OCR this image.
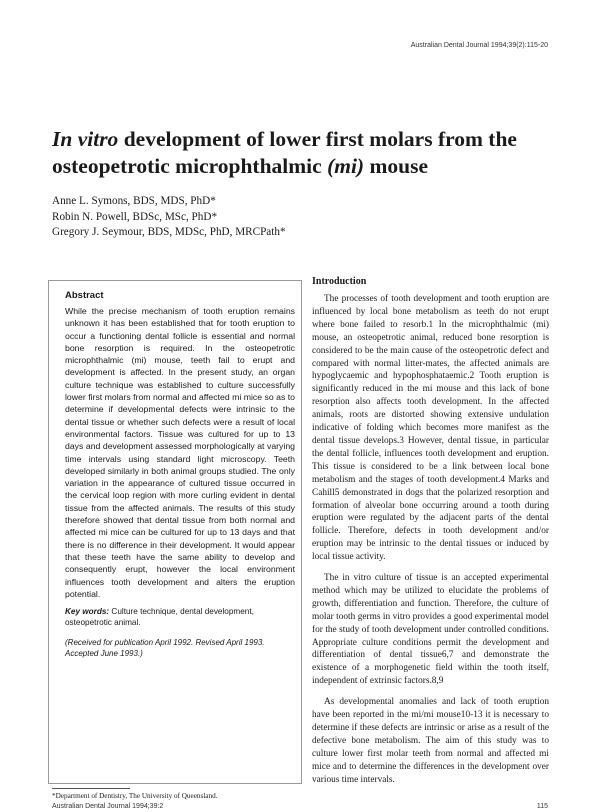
Australian Dental Journal 1994;39(2):115-20
In vitro development of lower first molars from the osteopetrotic microphthalmic (mi) mouse
Anne L. Symons, BDS, MDS, PhD*
Robin N. Powell, BDSc, MSc, PhD*
Gregory J. Seymour, BDS, MDSc, PhD, MRCPath*
Abstract

While the precise mechanism of tooth eruption remains unknown it has been established that for tooth eruption to occur a functioning dental follicle is essential and normal bone resorption is required. In the osteopetrotic microphthalmic (mi) mouse, teeth fail to erupt and development is affected. In the present study, an organ culture technique was established to culture successfully lower first molars from normal and affected mi mice so as to determine if developmental defects were intrinsic to the dental tissue or whether such defects were a result of local environmental factors. Tissue was cultured for up to 13 days and development assessed morphologically at varying time intervals using standard light microscopy. Teeth developed similarly in both animal groups studied. The only variation in the appearance of cultured tissue occurred in the cervical loop region with more curling evident in dental tissue from the affected animals. The results of this study therefore showed that dental tissue from both normal and affected mi mice can be cultured for up to 13 days and that there is no difference in their development. It would appear that these teeth have the same ability to develop and consequently erupt, however the local environment influences tooth development and alters the eruption potential.

Key words: Culture technique, dental development, osteopetrotic animal.
(Received for publication April 1992. Revised April 1993. Accepted June 1993.)
*Department of Dentistry, The University of Queensland.
Introduction

The processes of tooth development and tooth eruption are influenced by local bone metabolism as teeth do not erupt where bone failed to resorb.1 In the microphthalmic (mi) mouse, an osteopetrotic animal, reduced bone resorption is considered to be the main cause of the osteopetrotic defect and compared with normal litter-mates, the affected animals are hypoglycaemic and hypophosphataemic.2 Tooth eruption is significantly reduced in the mi mouse and this lack of bone resorption also affects tooth development. In the affected animals, roots are distorted showing extensive undulation indicative of folding which becomes more manifest as the dental tissue develops.3 However, dental tissue, in particular the dental follicle, influences tooth development and eruption. This tissue is considered to be a link between local bone metabolism and the stages of tooth development.4 Marks and Cahill5 demonstrated in dogs that the polarized resorption and formation of alveolar bone occurring around a tooth during eruption were regulated by the adjacent parts of the dental follicle. Therefore, defects in tooth development and/or eruption may be intrinsic to the dental tissues or induced by local tissue activity.

The in vitro culture of tissue is an accepted experimental method which may be utilized to elucidate the problems of growth, differentiation and function. Therefore, the culture of molar tooth germs in vitro provides a good experimental model for the study of tooth development under controlled conditions. Appropriate culture conditions permit the development and differentiation of dental tissue6,7 and demonstrate the existence of a morphogenetic field within the tooth itself, independent of extrinsic factors.8,9

As developmental anomalies and lack of tooth eruption have been reported in the mi/mi mouse10-13 it is necessary to determine if these defects are intrinsic or arise as a result of the defective bone metabolism. The aim of this study was to culture lower first molar teeth from normal and affected mi mice and to determine the differences in the development over various time intervals.

Australian Dental Journal 1994;39:2	115
